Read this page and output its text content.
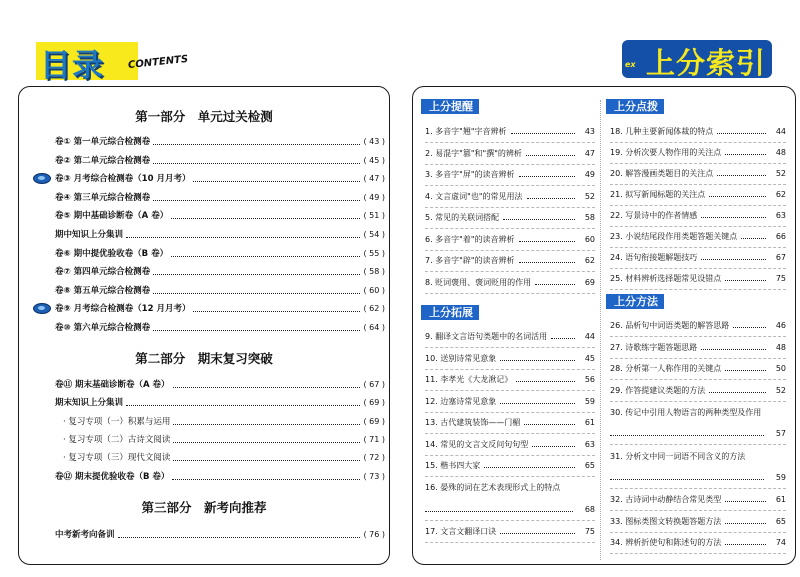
目录 CONTENTS	ex 上分索引
第一部分　单元过关检测
卷① 第一单元综合检测卷	( 43 )
卷② 第二单元综合检测卷	( 45 )
卷③ 月考综合检测卷（10 月月考）	( 47 )
卷④ 第三单元综合检测卷	( 49 )
卷⑤ 期中基础诊断卷（A 卷）	( 51 )
期中知识上分集训	( 54 )
卷⑥ 期中提优验收卷（B 卷）	( 55 )
卷⑦ 第四单元综合检测卷	( 58 )
卷⑧ 第五单元综合检测卷	( 60 )
卷⑨ 月考综合检测卷（12 月月考）	( 62 )
卷⑩ 第六单元综合检测卷	( 64 )
第二部分　期末复习突破
卷⑪ 期末基础诊断卷（A 卷）	( 67 )
期末知识上分集训	( 69 )
· 复习专项（一）积累与运用	( 69 )
· 复习专项（二）古诗文阅读	( 71 )
· 复习专项（三）现代文阅读	( 72 )
卷⑫ 期末提优验收卷（B 卷）	( 73 )
第三部分　新考向推荐
中考新考向备训	( 76 )
上分提醒
1. 多音字"翘"字音辨析	43
2. 易混字"篡"和"撰"的辨析	47
3. 多音字"屏"的读音辨析	49
4. 文言虚词"也"的常见用法	52
5. 常见的关联词搭配	58
6. 多音字"着"的读音辨析	60
7. 多音字"辟"的读音辨析	62
8. 贬词褒用、褒词贬用的作用	69
上分拓展
9. 翻译文言语句类题中的名词活用	44
10. 送别诗常见意象	45
11. 李孝光《大龙湫记》	56
12. 边塞诗常见意象	59
13. 古代建筑装饰——门楣	61
14. 常见的文言文反问句句型	63
15. 楷书四大家	65
16. 晏殊的词在艺术表现形式上的特点
68
17. 文言文翻译口诀	75
上分点拨
18. 几种主要新闻体裁的特点	44
19. 分析次要人物作用的关注点	48
20. 解答漫画类题目的关注点	52
21. 拟写新闻标题的关注点	62
22. 写景诗中的作者情感	63
23. 小说结尾段作用类题答题关键点	66
24. 语句衔接题解题技巧	67
25. 材料辨析选择题常见设错点	75
上分方法
26. 品析句中词语类题的解答思路	46
27. 诗歌练字题答题思路	48
28. 分析第一人称作用的关键点	50
29. 作答提建议类题的方法	52
30. 传记中引用人物语言的两种类型及作用
57
31. 分析文中同一词语不同含义的方法
59
32. 古诗词中动静结合常见类型	61
33. 图标类图文转换题答题方法	65
34. 辨析折使句和陈述句的方法	74
